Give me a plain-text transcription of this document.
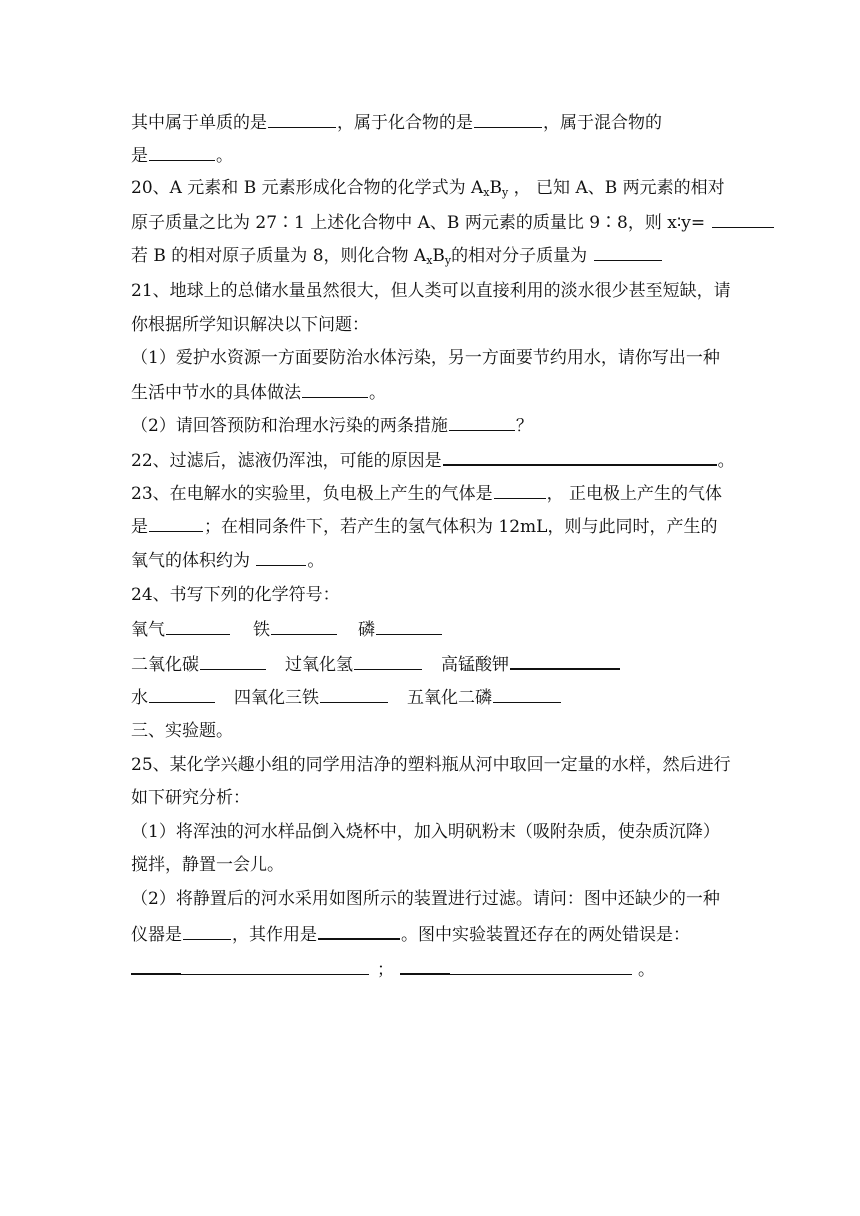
其中属于单质的是	，属于化合物的是	，属于混合物的
是	。
20、A 元素和 B 元素形成化合物的化学式为 $A_xB_y$ ， 已知 A、B 两元素的相对
原子质量之比为 27∶1 上述化合物中 A、B 两元素的质量比 9∶8，则 x∶y=
若 B 的相对原子质量为 8，则化合物 $A_xB_y$的相对分子质量为
21、地球上的总储水量虽然很大，但人类可以直接利用的淡水很少甚至短缺，请
你根据所学知识解决以下问题：
（1）爱护水资源一方面要防治水体污染，另一方面要节约用水，请你写出一种
生活中节水的具体做法	。
（2）请回答预防和治理水污染的两条措施	？
22、过滤后，滤液仍浑浊，可能的原因是	。
23、在电解水的实验里，负电极上产生的气体是	， 正电极上产生的气体
是	；在相同条件下，若产生的氢气体积为 12mL，则与此同时，产生的
氧气的体积约为	。
24、书写下列的化学符号：
氧气	铁	磷
二氧化碳	过氧化氢	高锰酸钾
水	四氧化三铁	五氧化二磷
三、实验题。
25、某化学兴趣小组的同学用洁净的塑料瓶从河中取回一定量的水样，然后进行
如下研究分析：
（1）将浑浊的河水样品倒入烧杯中，加入明矾粉末（吸附杂质，使杂质沉降）
搅拌，静置一会儿。
（2）将静置后的河水采用如图所示的装置进行过滤。请问：图中还缺少的一种
仪器是	，其作用是	。图中实验装置还存在的两处错误是：
；	。
